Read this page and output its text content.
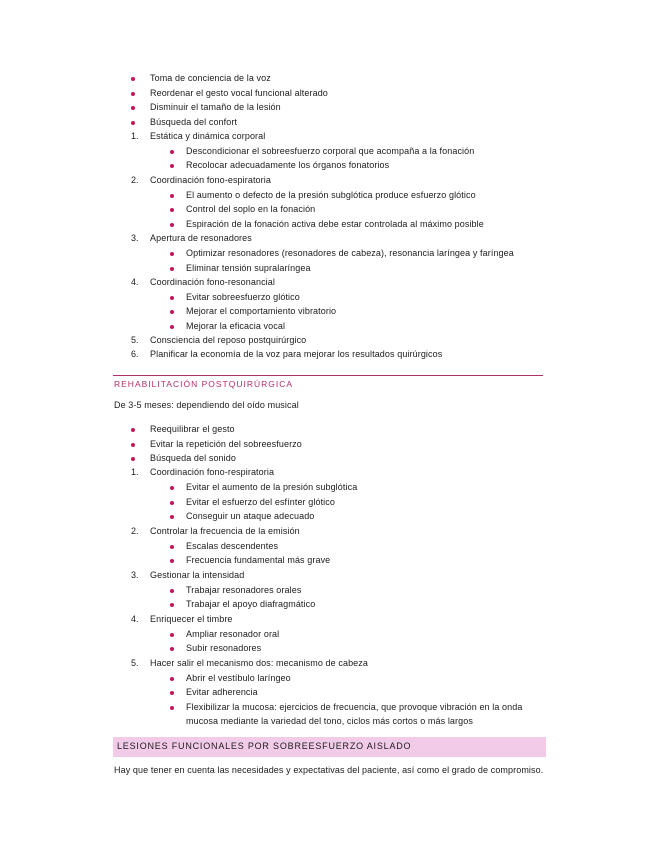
Toma de conciencia de la voz
Reordenar el gesto vocal funcional alterado
Disminuir el tamaño de la lesión
Búsqueda del confort
1. Estática y dinámica corporal
Descondicionar el sobreesfuerzo corporal que acompaña a la fonación
Recolocar adecuadamente los órganos fonatorios
2. Coordinación fono-espiratoria
El aumento o defecto de la presión subglótica produce esfuerzo glótico
Control del soplo en la fonación
Espiración de la fonación activa debe estar controlada al máximo posible
3. Apertura de resonadores
Optimizar resonadores (resonadores de cabeza), resonancia laríngea y faríngea
Eliminar tensión supralaríngea
4. Coordinación fono-resonancial
Evitar sobreesfuerzo glótico
Mejorar el comportamiento vibratorio
Mejorar la eficacia vocal
5. Consciencia del reposo postquirúrgico
6. Planificar la economía de la voz para mejorar los resultados quirúrgicos
REHABILITACIÓN POSTQUIRÚRGICA
De 3-5 meses: dependiendo del oído musical
Reequilibrar el gesto
Evitar la repetición del sobreesfuerzo
Búsqueda del sonido
1. Coordinación fono-respiratoria
Evitar el aumento de la presión subglótica
Evitar el esfuerzo del esfínter glótico
Conseguir un ataque adecuado
2. Controlar la frecuencia de la emisión
Escalas descendentes
Frecuencia fundamental más grave
3. Gestionar la intensidad
Trabajar resonadores orales
Trabajar el apoyo diafragmático
4. Enriquecer el timbre
Ampliar resonador oral
Subir resonadores
5. Hacer salir el mecanismo dos: mecanismo de cabeza
Abrir el vestíbulo laríngeo
Evitar adherencia
Flexibilizar la mucosa: ejercicios de frecuencia, que provoque vibración en la onda
mucosa mediante la variedad del tono, ciclos más cortos o más largos
LESIONES FUNCIONALES POR SOBREESFUERZO AISLADO
Hay que tener en cuenta las necesidades y expectativas del paciente, así como el grado de compromiso.
